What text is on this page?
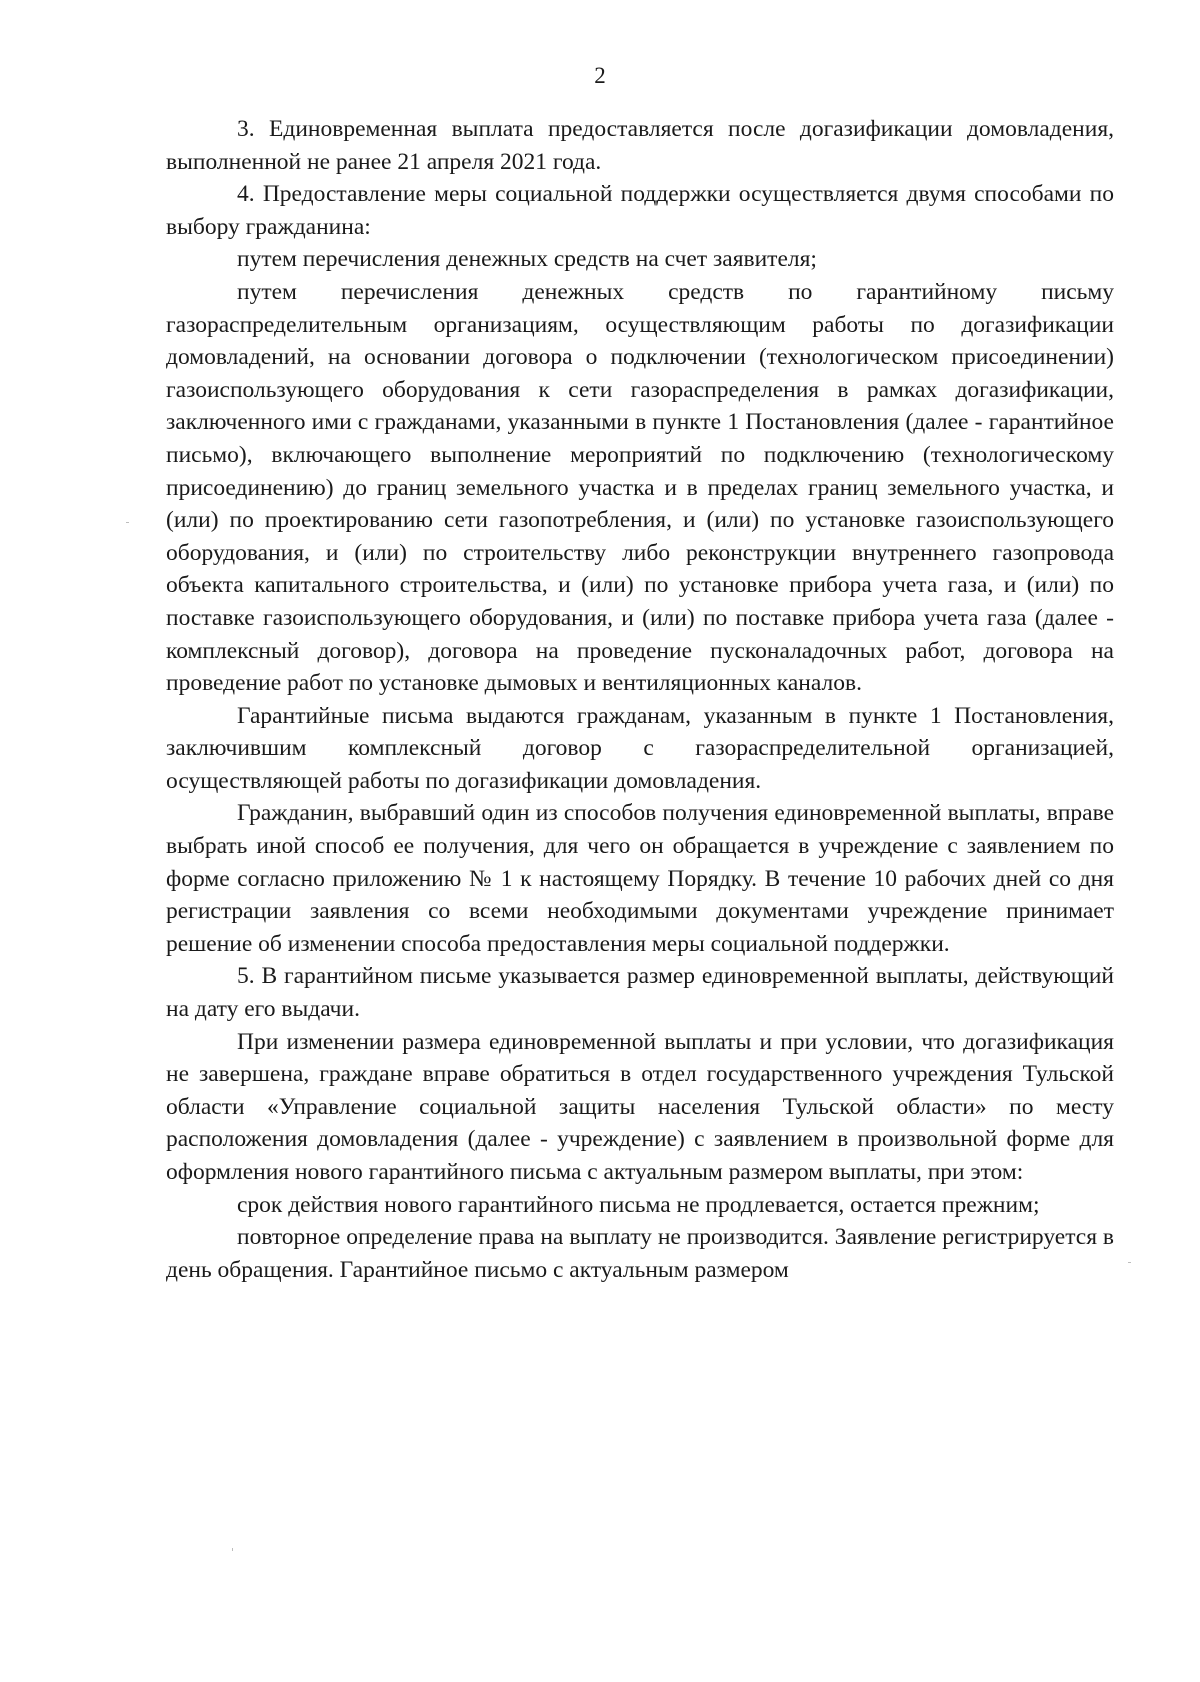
2

3. Единовременная выплата предоставляется после догазификации домовладения, выполненной не ранее 21 апреля 2021 года.

4. Предоставление меры социальной поддержки осуществляется двумя способами по выбору гражданина:

путем перечисления денежных средств на счет заявителя;

путем перечисления денежных средств по гарантийному письму газораспределительным организациям, осуществляющим работы по догазификации домовладений, на основании договора о подключении (технологическом присоединении) газоиспользующего оборудования к сети газораспределения в рамках догазификации, заключенного ими с гражданами, указанными в пункте 1 Постановления (далее - гарантийное письмо), включающего выполнение мероприятий по подключению (технологическому присоединению) до границ земельного участка и в пределах границ земельного участка, и (или) по проектированию сети газопотребления, и (или) по установке газоиспользующего оборудования, и (или) по строительству либо реконструкции внутреннего газопровода объекта капитального строительства, и (или) по установке прибора учета газа, и (или) по поставке газоиспользующего оборудования, и (или) по поставке прибора учета газа (далее - комплексный договор), договора на проведение пусконаладочных работ, договора на проведение работ по установке дымовых и вентиляционных каналов.

Гарантийные письма выдаются гражданам, указанным в пункте 1 Постановления, заключившим комплексный договор с газораспределительной организацией, осуществляющей работы по догазификации домовладения.

Гражданин, выбравший один из способов получения единовременной выплаты, вправе выбрать иной способ ее получения, для чего он обращается в учреждение с заявлением по форме согласно приложению № 1 к настоящему Порядку. В течение 10 рабочих дней со дня регистрации заявления со всеми необходимыми документами учреждение принимает решение об изменении способа предоставления меры социальной поддержки.

5. В гарантийном письме указывается размер единовременной выплаты, действующий на дату его выдачи.

При изменении размера единовременной выплаты и при условии, что догазификация не завершена, граждане вправе обратиться в отдел государственного учреждения Тульской области «Управление социальной защиты населения Тульской области» по месту расположения домовладения (далее - учреждение) с заявлением в произвольной форме для оформления нового гарантийного письма с актуальным размером выплаты, при этом:

срок действия нового гарантийного письма не продлевается, остается прежним;

повторное определение права на выплату не производится. Заявление регистрируется в день обращения. Гарантийное письмо с актуальным размером
